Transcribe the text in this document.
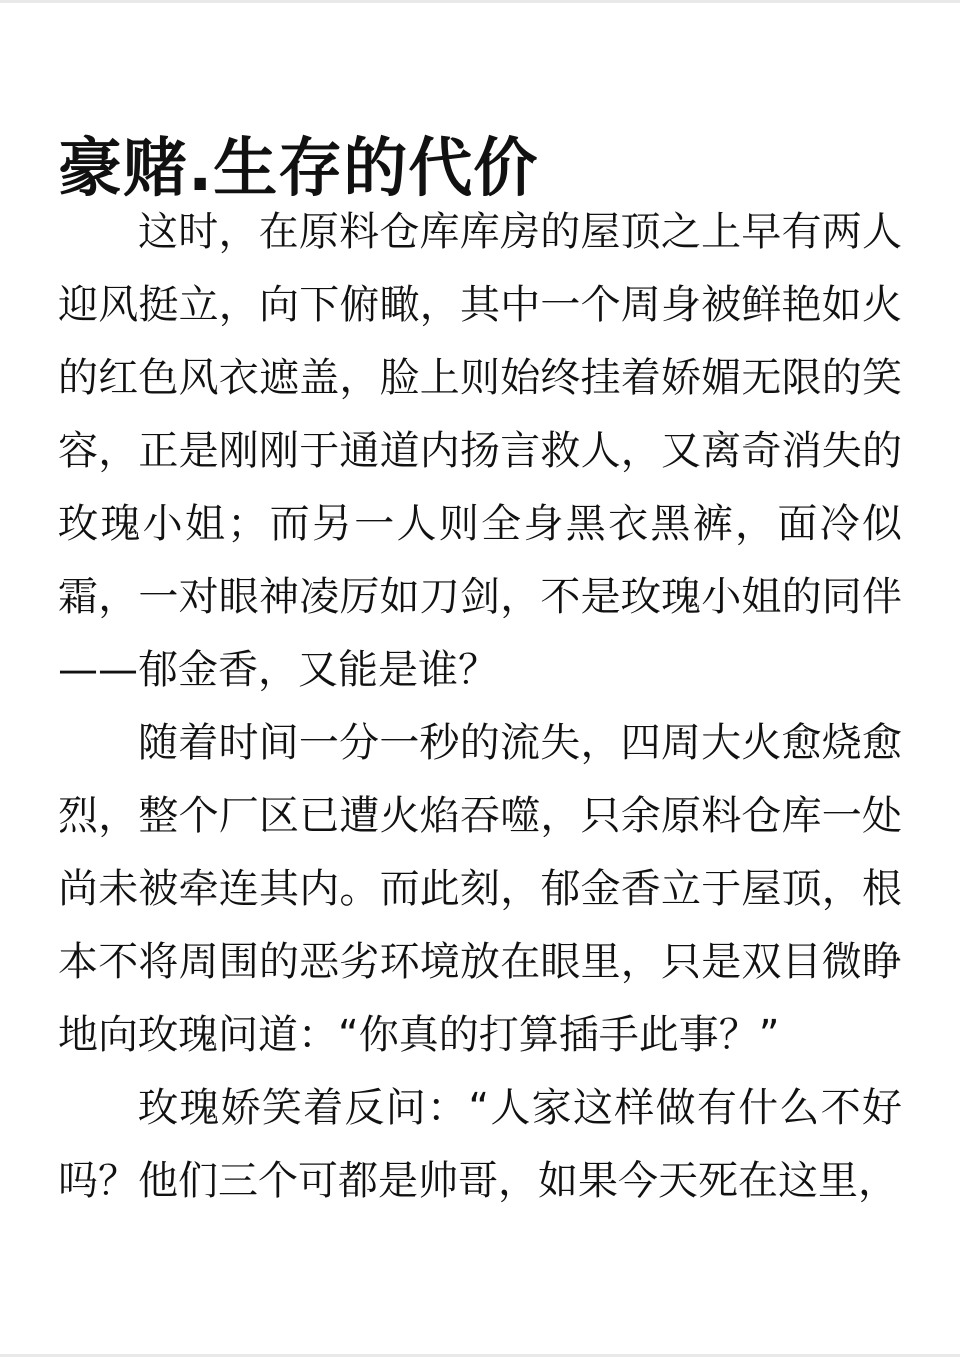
豪赌.生存的代价

这时，在原料仓库库房的屋顶之上早有两人迎风挺立，向下俯瞰，其中一个周身被鲜艳如火的红色风衣遮盖，脸上则始终挂着娇媚无限的笑容，正是刚刚于通道内扬言救人，又离奇消失的玫瑰小姐；而另一人则全身黑衣黑裤，面冷似霜，一对眼神凌厉如刀剑，不是玫瑰小姐的同伴——郁金香，又能是谁？

随着时间一分一秒的流失，四周大火愈烧愈烈，整个厂区已遭火焰吞噬，只余原料仓库一处尚未被牵连其内。而此刻，郁金香立于屋顶，根本不将周围的恶劣环境放在眼里，只是双目微睁地向玫瑰问道：“你真的打算插手此事？”

玫瑰娇笑着反问：“人家这样做有什么不好吗？他们三个可都是帅哥，如果今天死在这里，
